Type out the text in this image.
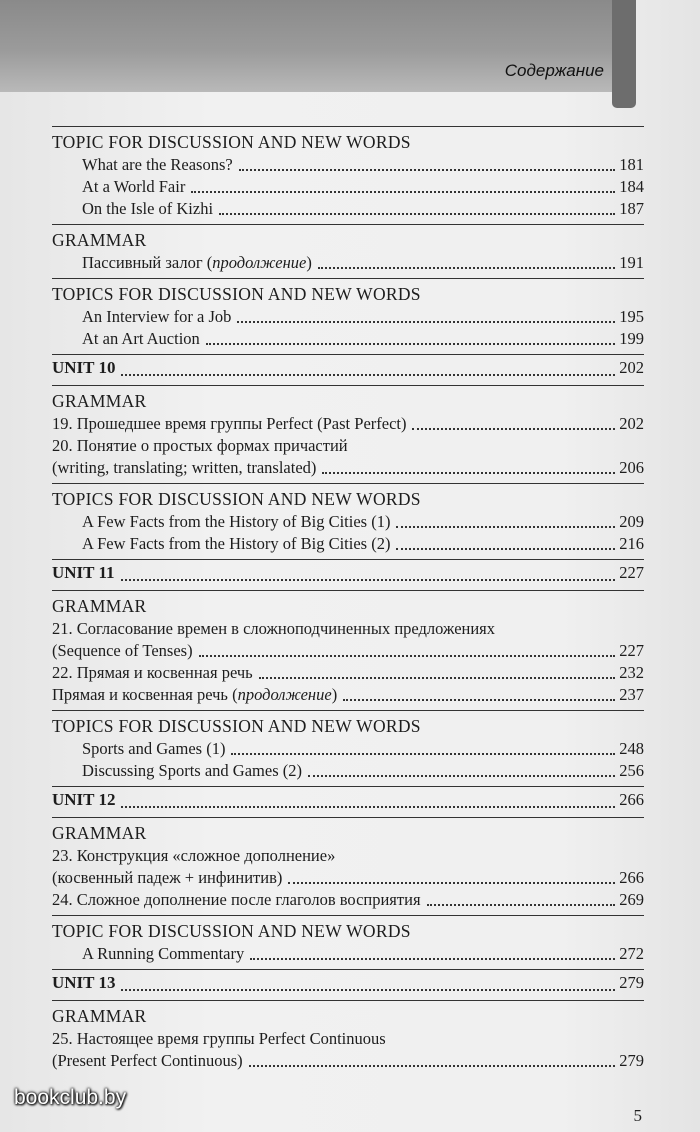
Содержание
TOPIC FOR DISCUSSION AND NEW WORDS
What are the Reasons?	181
At a World Fair	184
On the Isle of Kizhi	187
GRAMMAR
Пассивный залог (продолжение)	191
TOPICS FOR DISCUSSION AND NEW WORDS
An Interview for a Job	195
At an Art Auction	199
UNIT 10	202
GRAMMAR
19. Прошедшее время группы Perfect (Past Perfect)	202
20. Понятие о простых формах причастий
(writing, translating; written, translated)	206
TOPICS FOR DISCUSSION AND NEW WORDS
A Few Facts from the History of Big Cities (1)	209
A Few Facts from the History of Big Cities (2)	216
UNIT 11	227
GRAMMAR
21. Согласование времен в сложноподчиненных предложениях
(Sequence of Tenses)	227
22. Прямая и косвенная речь	232
Прямая и косвенная речь (продолжение)	237
TOPICS FOR DISCUSSION AND NEW WORDS
Sports and Games (1)	248
Discussing Sports and Games (2)	256
UNIT 12	266
GRAMMAR
23. Конструкция «сложное дополнение»
(косвенный падеж + инфинитив)	266
24. Сложное дополнение после глаголов восприятия	269
TOPIC FOR DISCUSSION AND NEW WORDS
A Running Commentary	272
UNIT 13	279
GRAMMAR
25. Настоящее время группы Perfect Continuous
(Present Perfect Continuous)	279
bookclub.by
5
